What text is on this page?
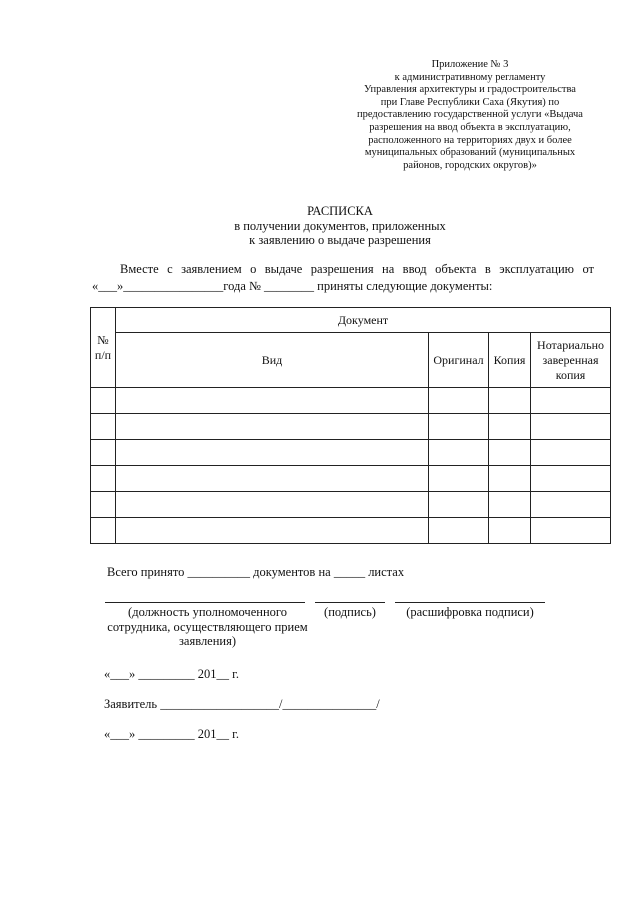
Приложение № 3
к административному регламенту
Управления архитектуры и градостроительства
при Главе Республики Саха (Якутия) по
предоставлению государственной услуги «Выдача
разрешения на ввод объекта в эксплуатацию,
расположенного на территориях двух и более
муниципальных образований (муниципальных
районов, городских округов)»
РАСПИСКА
в получении документов, приложенных
к заявлению о выдаче разрешения
Вместе с заявлением о выдаче разрешения на ввод объекта в эксплуатацию от
«___»________________года № ________ приняты следующие документы:
№ п/п	Документ			
	Вид	Оригинал	Копия	Нотариально заверенная копия

Всего принято __________ документов на _____ листах
(должность уполномоченного сотрудника, осуществляющего прием заявления)
(подпись)	(расшифровка подписи)
«___» _________ 201__ г.
Заявитель ___________________/_______________/
«___» _________ 201__ г.
